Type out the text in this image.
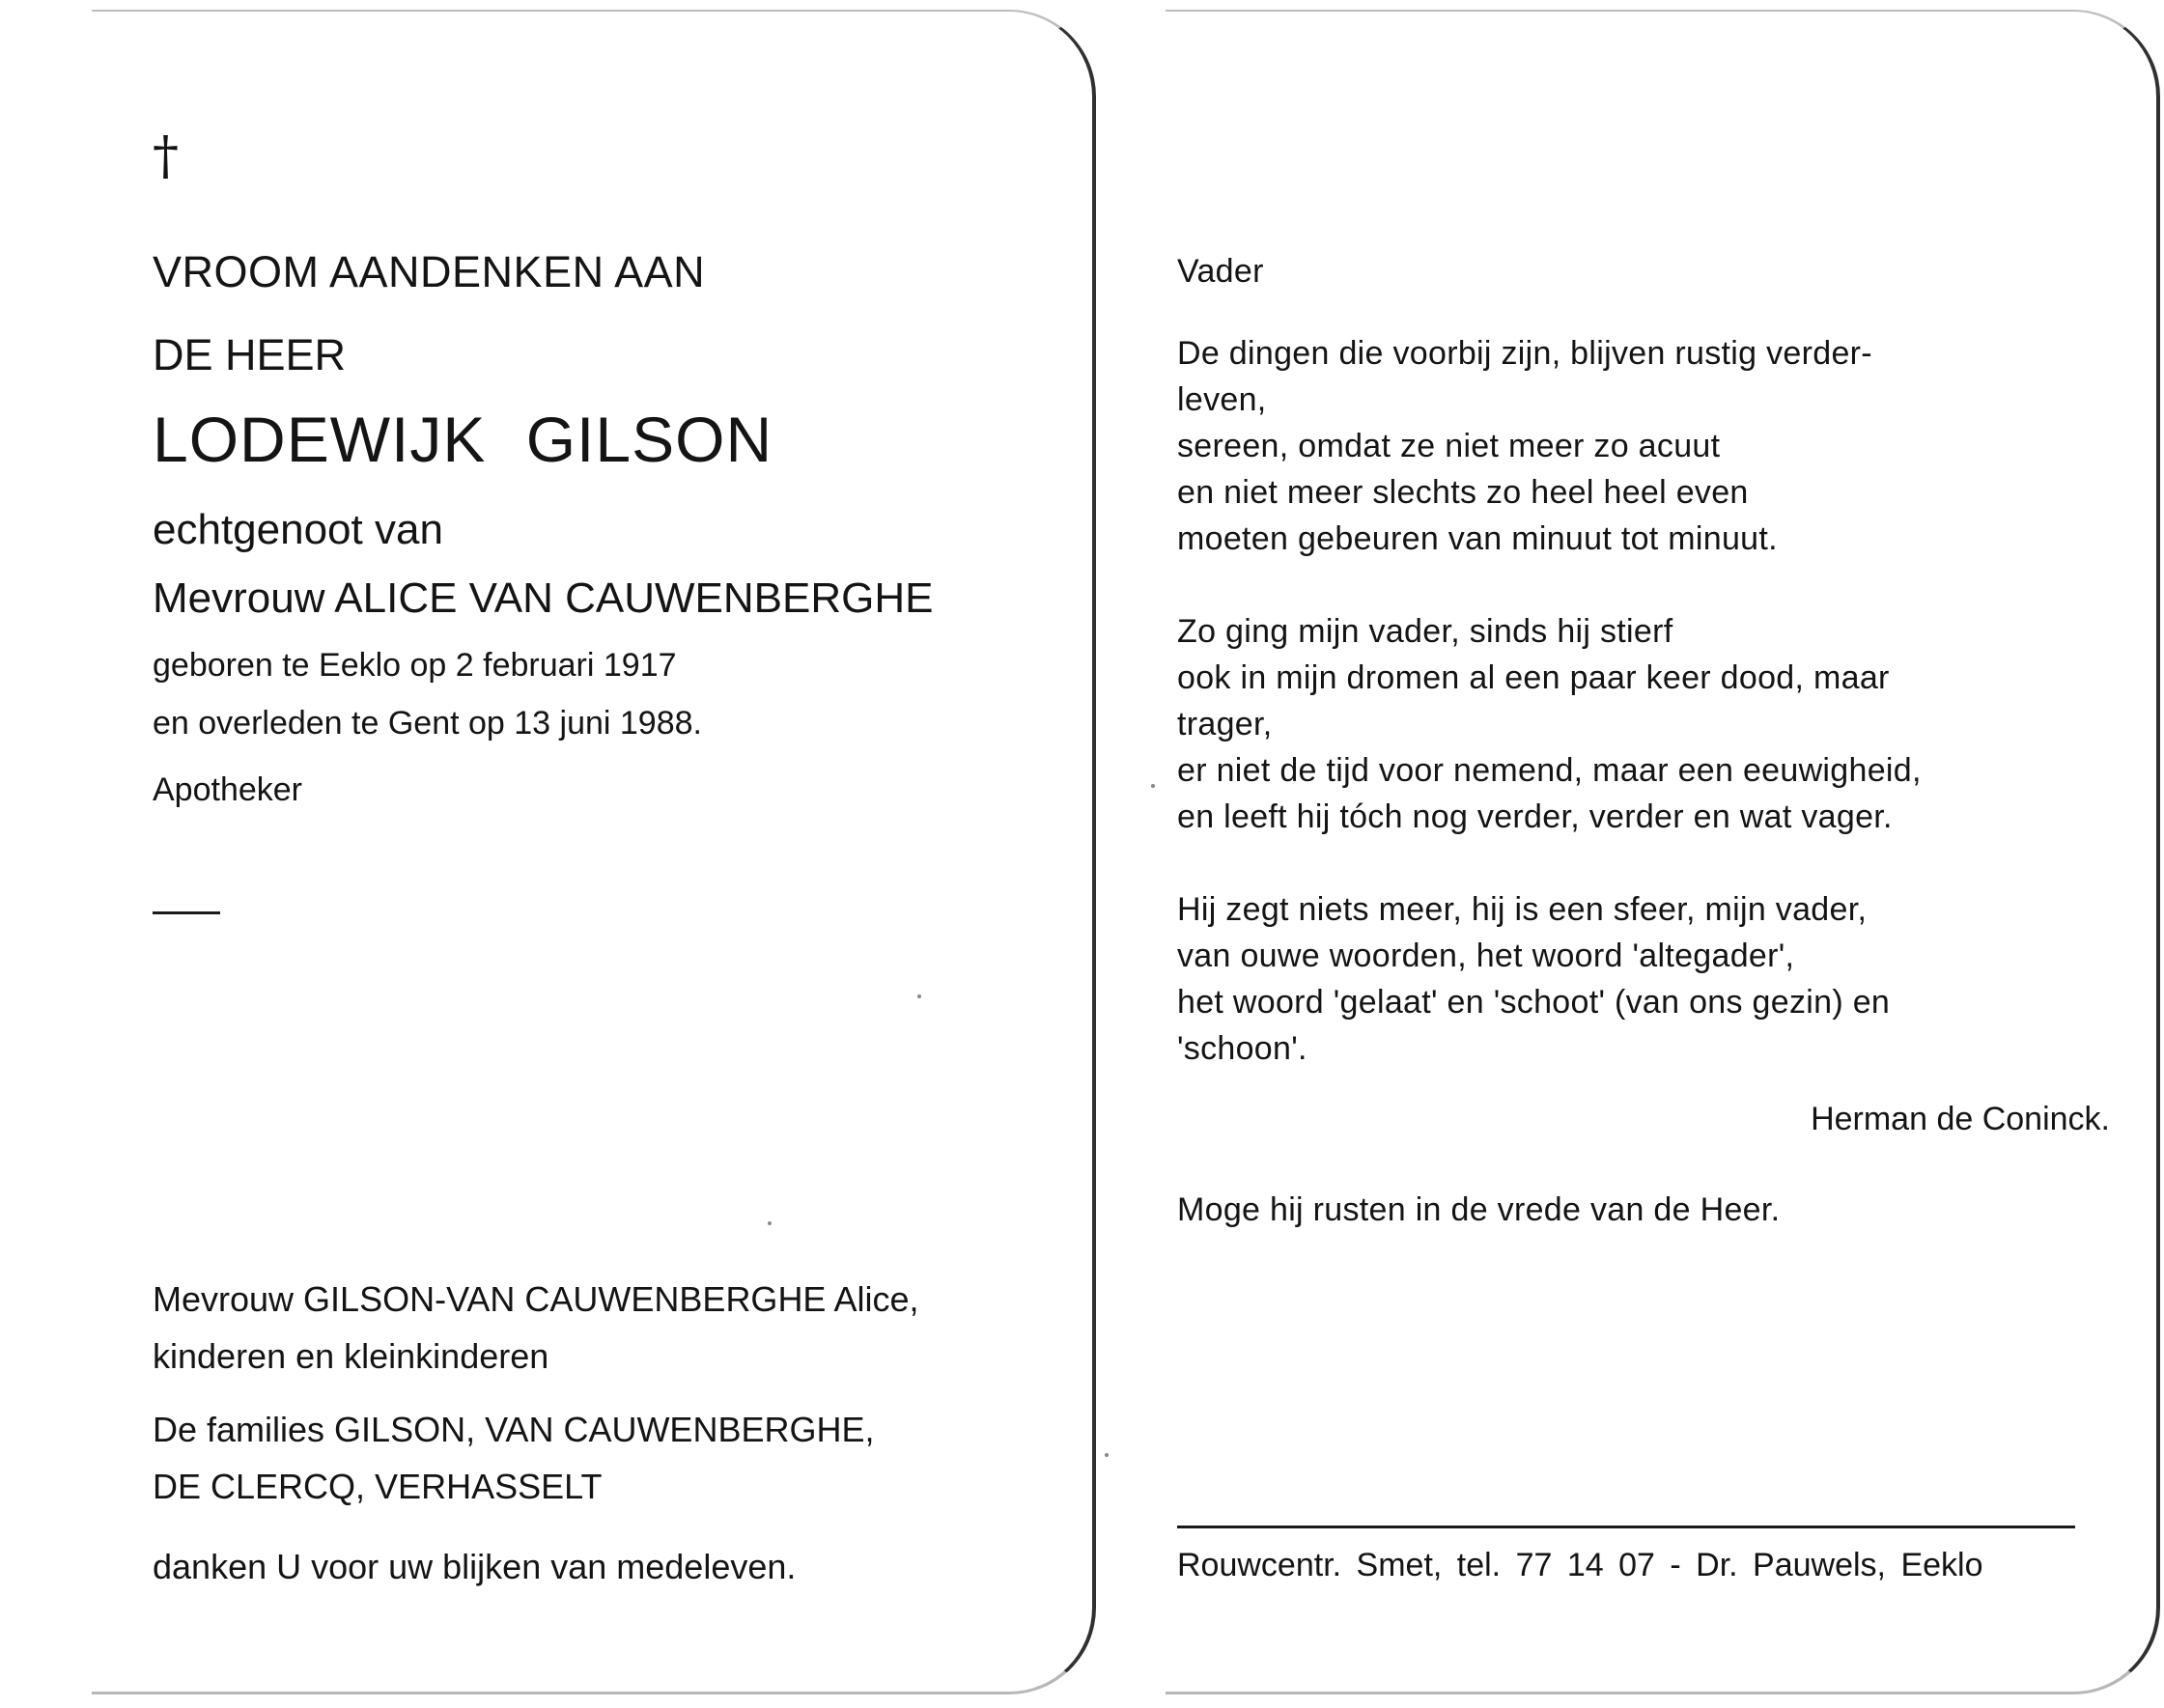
†

VROOM AANDENKEN AAN

DE HEER

LODEWIJK GILSON

echtgenoot van

Mevrouw ALICE VAN CAUWENBERGHE

geboren te Eeklo op 2 februari 1917

en overleden te Gent op 13 juni 1988.

Apotheker

Mevrouw GILSON-VAN CAUWENBERGHE Alice,

kinderen en kleinkinderen

De families GILSON, VAN CAUWENBERGHE,

DE CLERCQ, VERHASSELT

danken U voor uw blijken van medeleven.

Vader

De dingen die voorbij zijn, blijven rustig verder-

leven,

sereen, omdat ze niet meer zo acuut

en niet meer slechts zo heel heel even

moeten gebeuren van minuut tot minuut.

Zo ging mijn vader, sinds hij stierf

ook in mijn dromen al een paar keer dood, maar

trager,

er niet de tijd voor nemend, maar een eeuwigheid,

en leeft hij tóch nog verder, verder en wat vager.

Hij zegt niets meer, hij is een sfeer, mijn vader,

van ouwe woorden, het woord 'altegader',

het woord 'gelaat' en 'schoot' (van ons gezin) en

'schoon'.

Herman de Coninck.

Moge hij rusten in de vrede van de Heer.

Rouwcentr. Smet, tel. 77 14 07 - Dr. Pauwels, Eeklo
